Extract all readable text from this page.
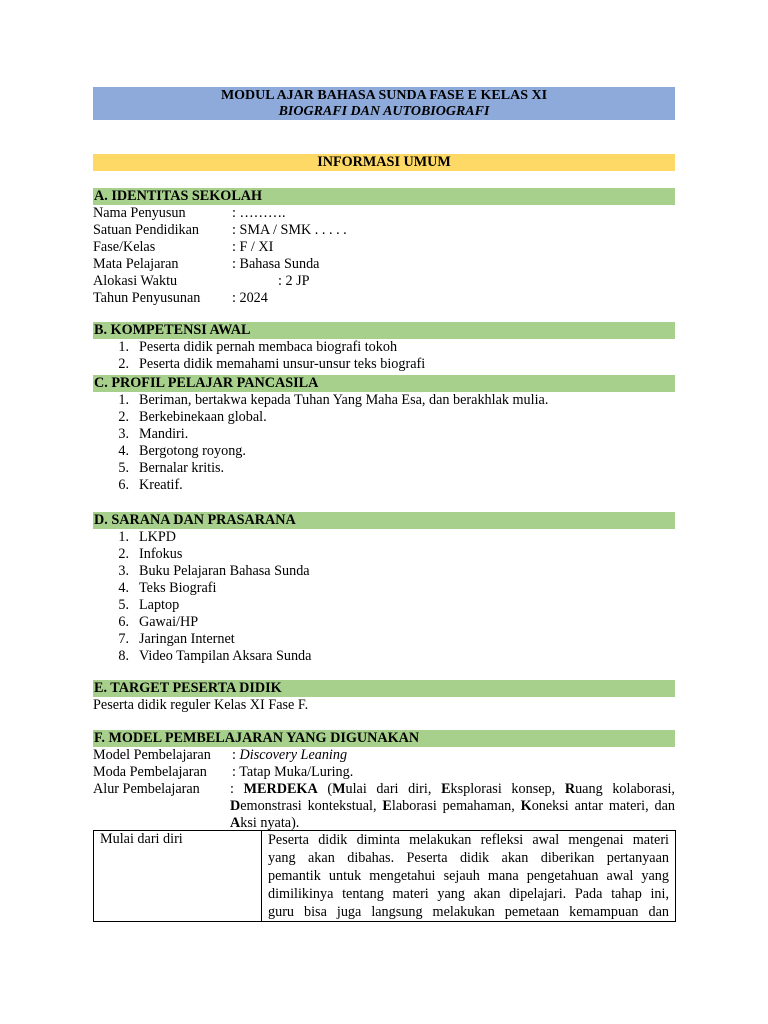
MODUL AJAR BAHASA SUNDA FASE E KELAS XI
BIOGRAFI DAN AUTOBIOGRAFI
INFORMASI UMUM
A. IDENTITAS SEKOLAH
Nama Penyusun	: ……….
Satuan Pendidikan : SMA / SMK . . . . .
Fase/Kelas	: F / XI
Mata Pelajaran	: Bahasa Sunda
Alokasi Waktu	: 2 JP
Tahun Penyusunan : 2024
B. KOMPETENSI AWAL
1. Peserta didik pernah membaca biografi tokoh
2. Peserta didik memahami unsur-unsur teks biografi
C. PROFIL PELAJAR PANCASILA
1. Beriman, bertakwa kepada Tuhan Yang Maha Esa, dan berakhlak mulia.
2. Berkebinekaan global.
3. Mandiri.
4. Bergotong royong.
5. Bernalar kritis.
6. Kreatif.
D. SARANA DAN PRASARANA
1. LKPD
2. Infokus
3. Buku Pelajaran Bahasa Sunda
4. Teks Biografi
5. Laptop
6. Gawai/HP
7. Jaringan Internet
8. Video Tampilan Aksara Sunda
E. TARGET PESERTA DIDIK
Peserta didik reguler Kelas XI Fase F.
F. MODEL PEMBELAJARAN YANG DIGUNAKAN
Model Pembelajaran : Discovery Leaning
Moda Pembelajaran : Tatap Muka/Luring.
Alur Pembelajaran : MERDEKA (Mulai dari diri, Eksplorasi konsep, Ruang kolaborasi, Demonstrasi kontekstual, Elaborasi pemahaman, Koneksi antar materi, dan Aksi nyata).
Mulai dari diri	Peserta didik diminta melakukan refleksi awal mengenai materi
yang akan dibahas. Peserta didik akan diberikan pertanyaan
pemantik untuk mengetahui sejauh mana pengetahuan awal yang
dimilikinya tentang materi yang akan dipelajari. Pada tahap ini,
guru bisa juga langsung melakukan pemetaan kemampuan dan
